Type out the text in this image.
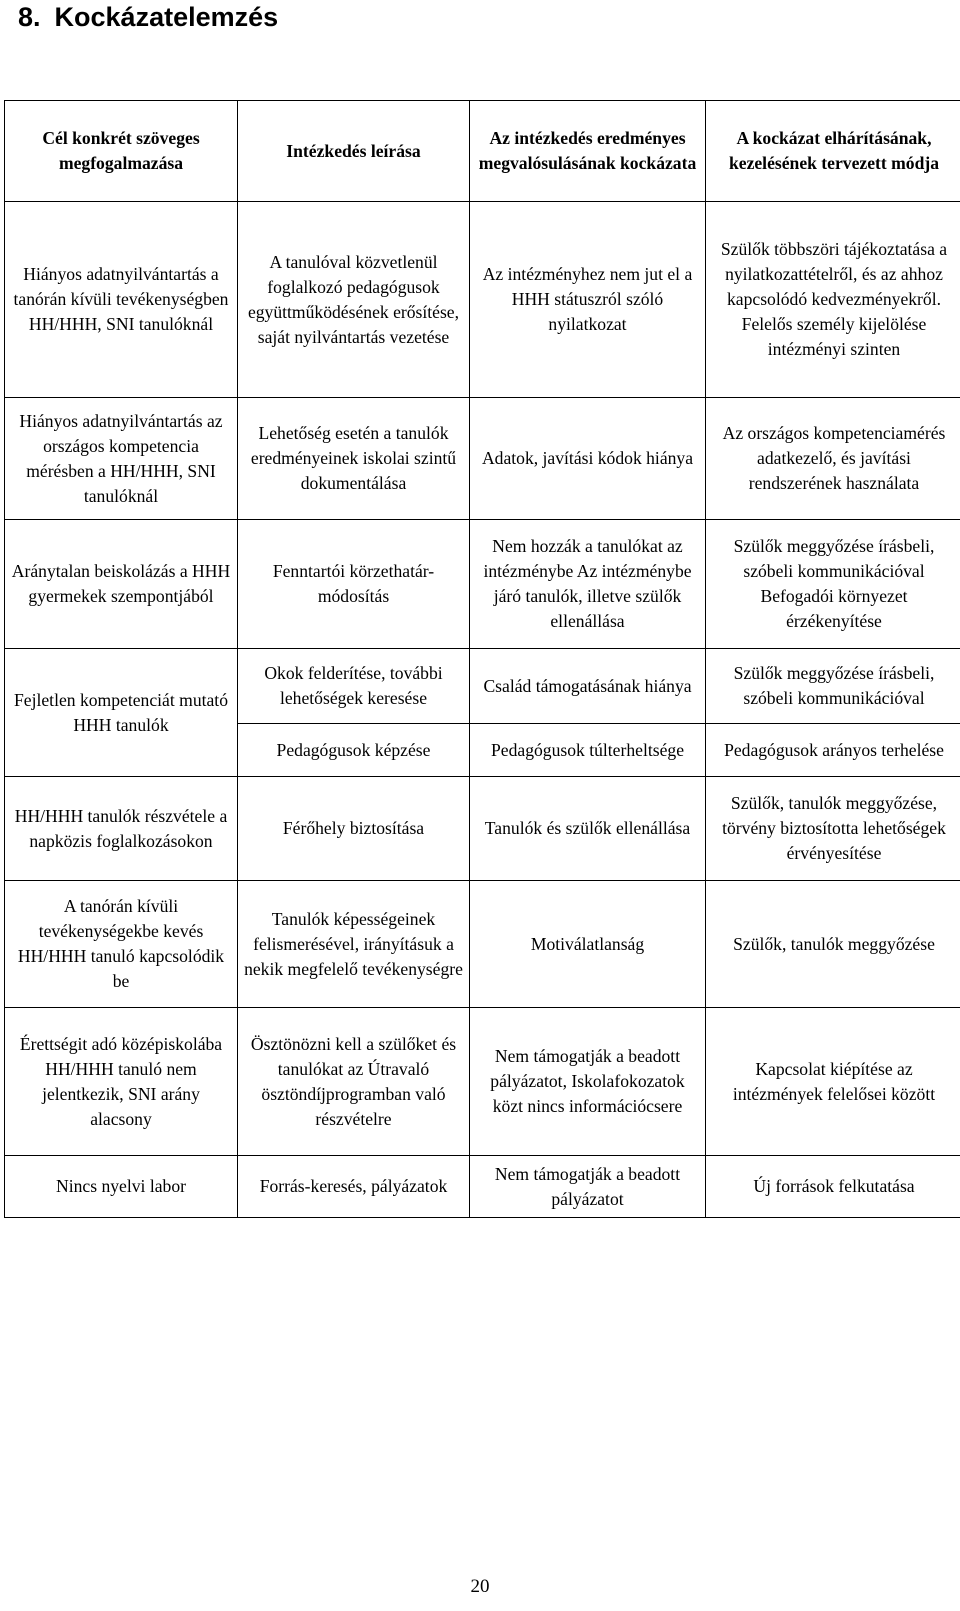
8. Kockázatelemzés
Cél konkrét szöveges megfogalmazása	Intézkedés leírása	Az intézkedés eredményes megvalósulásának kockázata	A kockázat elhárításának, kezelésének tervezett módja
Hiányos adatnyilvántartás a tanórán kívüli tevékenységben HH/HHH, SNI tanulóknál	A tanulóval közvetlenül foglalkozó pedagógusok együttműködésének erősítése, saját nyilvántartás vezetése	Az intézményhez nem jut el a HHH státuszról szóló nyilatkozat	Szülők többszöri tájékoztatása a nyilatkozattételről, és az ahhoz kapcsolódó kedvezményekről. Felelős személy kijelölése intézményi szinten
Hiányos adatnyilvántartás az országos kompetencia mérésben a HH/HHH, SNI tanulóknál	Lehetőség esetén a tanulók eredményeinek iskolai szintű dokumentálása	Adatok, javítási kódok hiánya	Az országos kompetenciamérés adatkezelő, és javítási rendszerének használata
Aránytalan beiskolázás a HHH gyermekek szempontjából	Fenntartói körzethatár-módosítás	Nem hozzák a tanulókat az intézménybe Az intézménybe járó tanulók, illetve szülők ellenállása	Szülők meggyőzése írásbeli, szóbeli kommunikációval Befogadói környezet érzékenyítése
Fejletlen kompetenciát mutató HHH tanulók	Okok felderítése, további lehetőségek keresése	Család támogatásának hiánya	Szülők meggyőzése írásbeli, szóbeli kommunikációval
	Pedagógusok képzése	Pedagógusok túlterheltsége	Pedagógusok arányos terhelése
HH/HHH tanulók részvétele a napközis foglalkozásokon	Férőhely biztosítása	Tanulók és szülők ellenállása	Szülők, tanulók meggyőzése, törvény biztosította lehetőségek érvényesítése
A tanórán kívüli tevékenységekbe kevés HH/HHH tanuló kapcsolódik be	Tanulók képességeinek felismerésével, irányításuk a nekik megfelelő tevékenységre	Motiválatlanság	Szülők, tanulók meggyőzése
Érettségit adó középiskolába HH/HHH tanuló nem jelentkezik, SNI arány alacsony	Ösztönözni kell a szülőket és tanulókat az Útravaló ösztöndíjprogramban való részvételre	Nem támogatják a beadott pályázatot, Iskolafokozatok közt nincs információcsere	Kapcsolat kiépítése az intézmények felelősei között
Nincs nyelvi labor	Forrás-keresés, pályázatok	Nem támogatják a beadott pályázatot	Új források felkutatása
20
